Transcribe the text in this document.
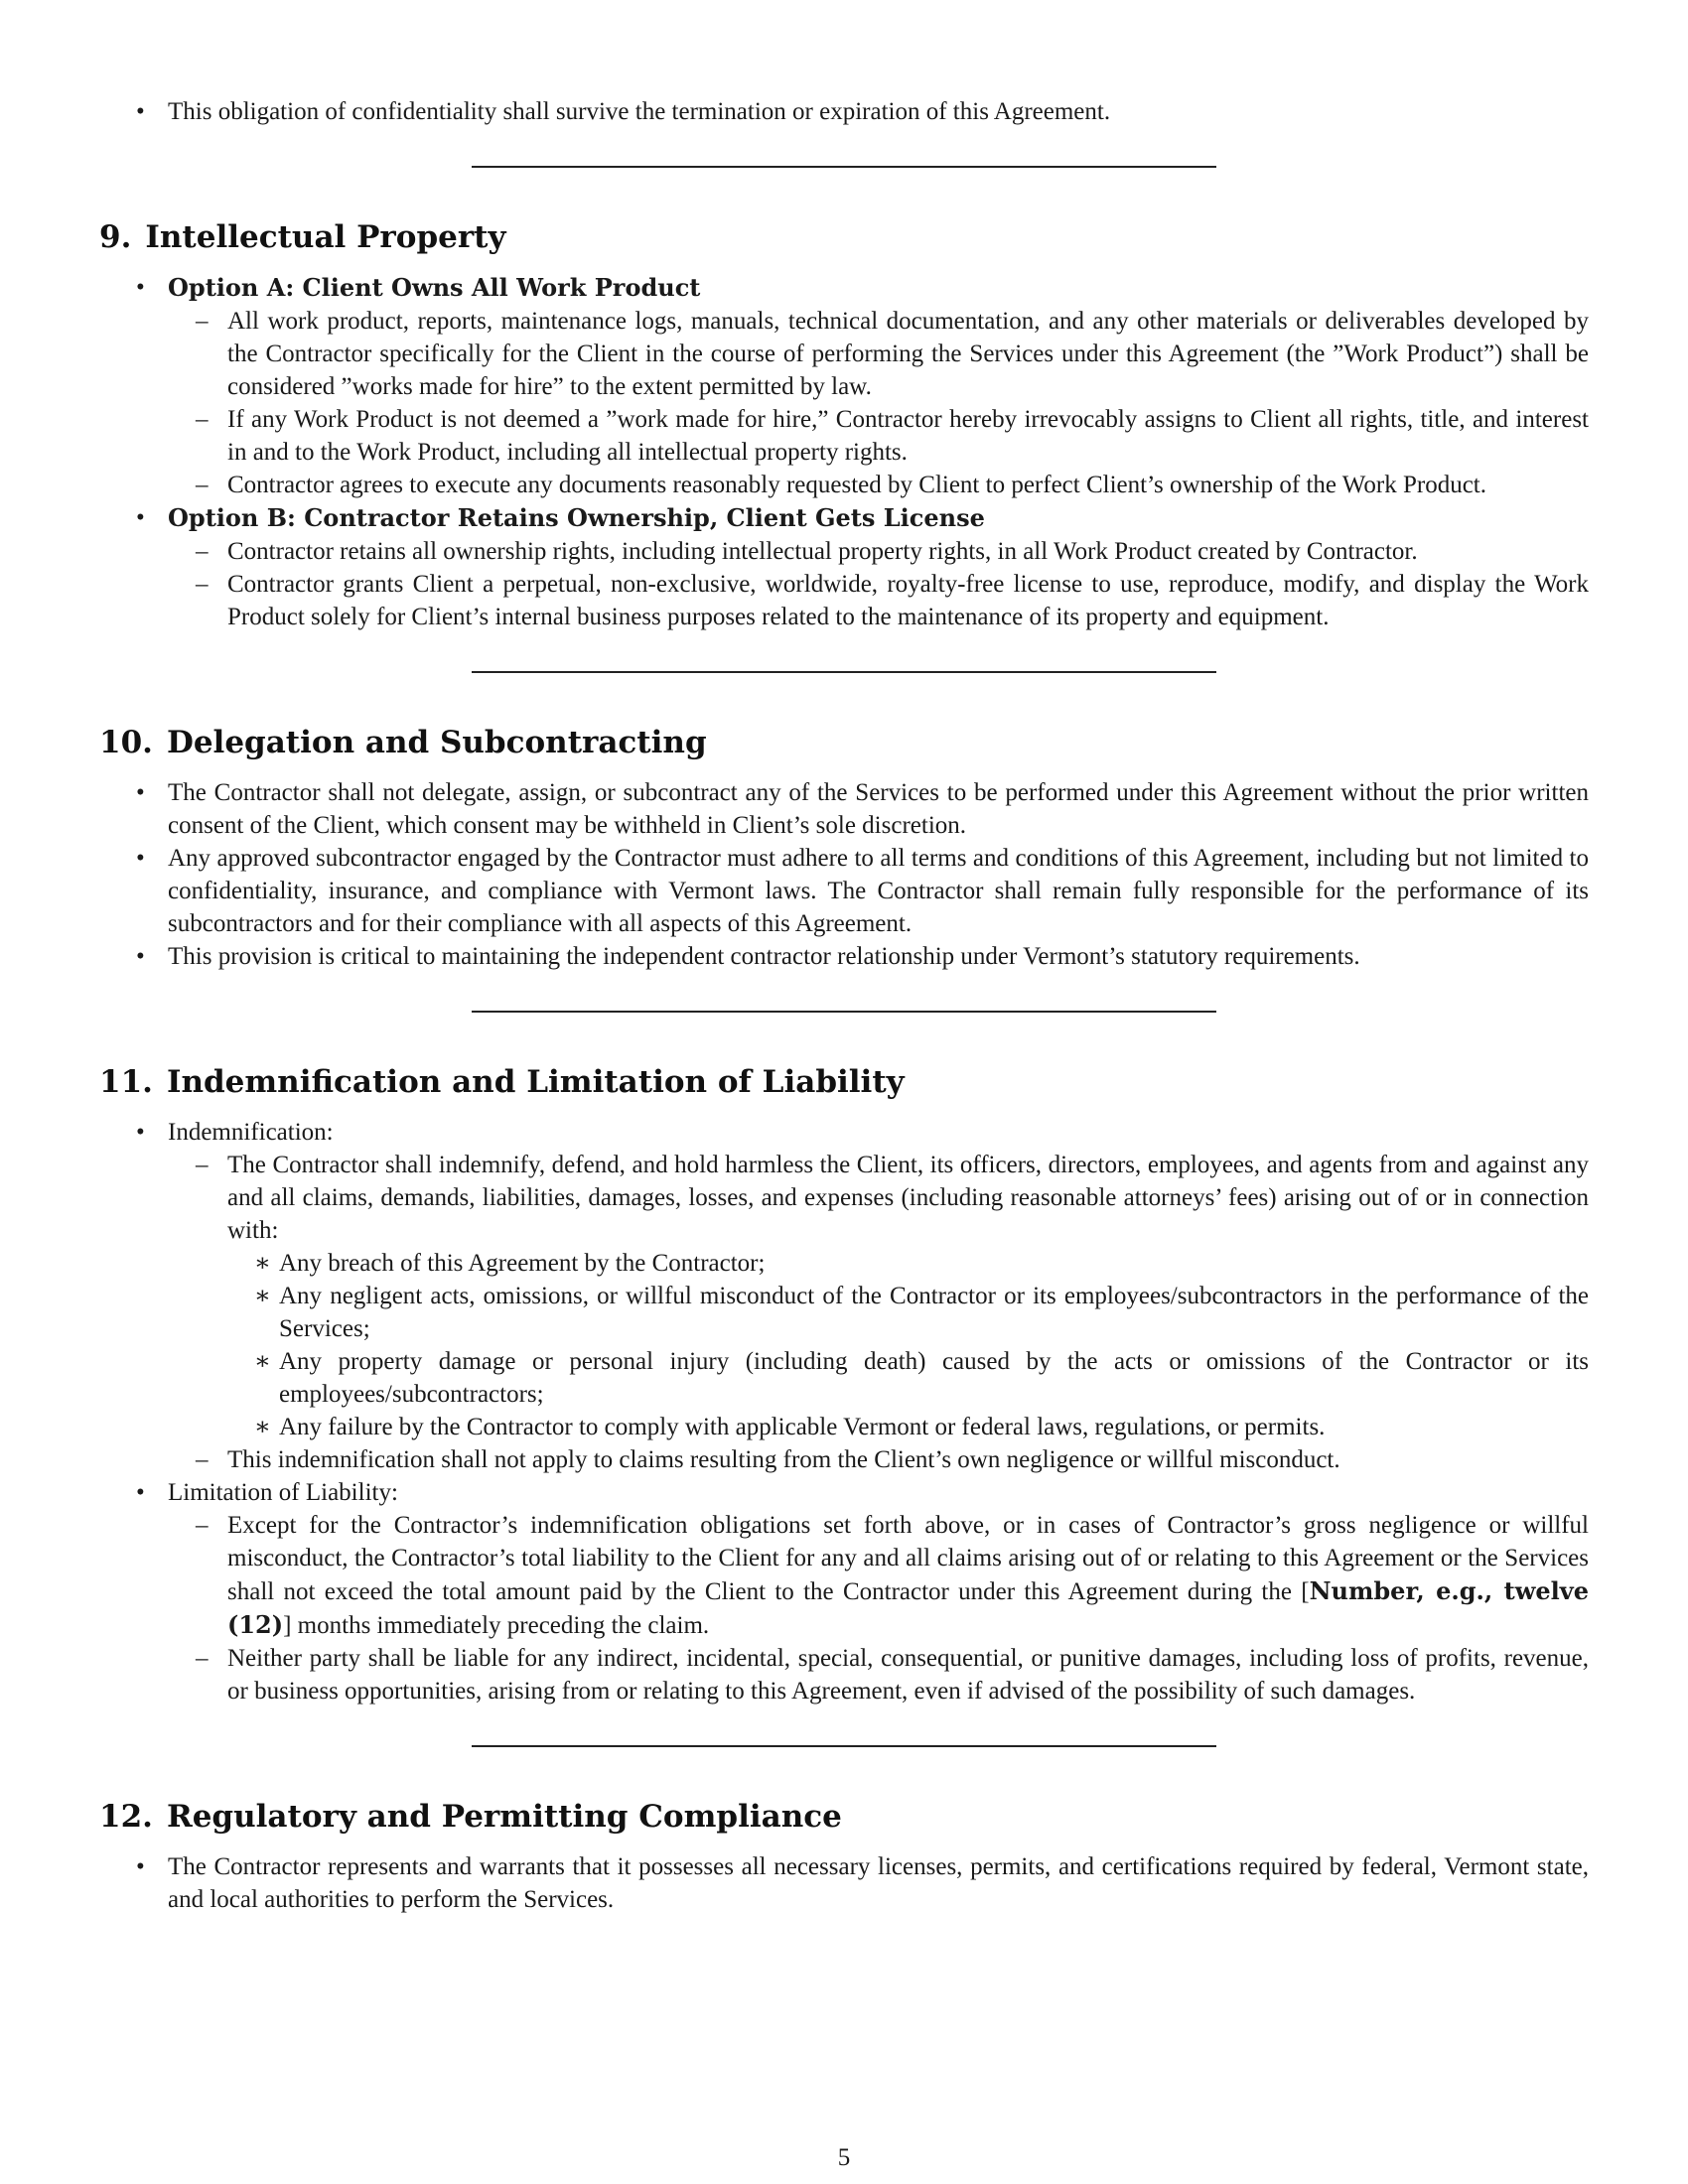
• This obligation of confidentiality shall survive the termination or expiration of this Agreement.
9. Intellectual Property
• Option A: Client Owns All Work Product
– All work product, reports, maintenance logs, manuals, technical documentation, and any other materials or deliverables developed by the Contractor specifically for the Client in the course of performing the Services under this Agreement (the ”Work Product”) shall be considered ”works made for hire” to the extent permitted by law.
– If any Work Product is not deemed a ”work made for hire,” Contractor hereby irrevocably assigns to Client all rights, title, and interest in and to the Work Product, including all intellectual property rights.
– Contractor agrees to execute any documents reasonably requested by Client to perfect Client’s ownership of the Work Product.
• Option B: Contractor Retains Ownership, Client Gets License
– Contractor retains all ownership rights, including intellectual property rights, in all Work Product created by Contractor.
– Contractor grants Client a perpetual, non-exclusive, worldwide, royalty-free license to use, reproduce, modify, and display the Work Product solely for Client’s internal business purposes related to the maintenance of its property and equipment.
10. Delegation and Subcontracting
• The Contractor shall not delegate, assign, or subcontract any of the Services to be performed under this Agreement without the prior written consent of the Client, which consent may be withheld in Client’s sole discretion.
• Any approved subcontractor engaged by the Contractor must adhere to all terms and conditions of this Agreement, including but not limited to confidentiality, insurance, and compliance with Vermont laws. The Contractor shall remain fully responsible for the performance of its subcontractors and for their compliance with all aspects of this Agreement.
• This provision is critical to maintaining the independent contractor relationship under Vermont’s statutory requirements.
11. Indemnification and Limitation of Liability
• Indemnification:
– The Contractor shall indemnify, defend, and hold harmless the Client, its officers, directors, employees, and agents from and against any and all claims, demands, liabilities, damages, losses, and expenses (including reasonable attorneys’ fees) arising out of or in connection with:
∗ Any breach of this Agreement by the Contractor;
∗ Any negligent acts, omissions, or willful misconduct of the Contractor or its employees/subcontractors in the performance of the Services;
∗ Any property damage or personal injury (including death) caused by the acts or omissions of the Contractor or its employees/subcontractors;
∗ Any failure by the Contractor to comply with applicable Vermont or federal laws, regulations, or permits.
– This indemnification shall not apply to claims resulting from the Client’s own negligence or willful misconduct.
• Limitation of Liability:
– Except for the Contractor’s indemnification obligations set forth above, or in cases of Contractor’s gross negligence or willful misconduct, the Contractor’s total liability to the Client for any and all claims arising out of or relating to this Agreement or the Services shall not exceed the total amount paid by the Client to the Contractor under this Agreement during the [Number, e.g., twelve (12)] months immediately preceding the claim.
– Neither party shall be liable for any indirect, incidental, special, consequential, or punitive damages, including loss of profits, revenue, or business opportunities, arising from or relating to this Agreement, even if advised of the possibility of such damages.
12. Regulatory and Permitting Compliance
• The Contractor represents and warrants that it possesses all necessary licenses, permits, and certifications required by federal, Vermont state, and local authorities to perform the Services.
5
